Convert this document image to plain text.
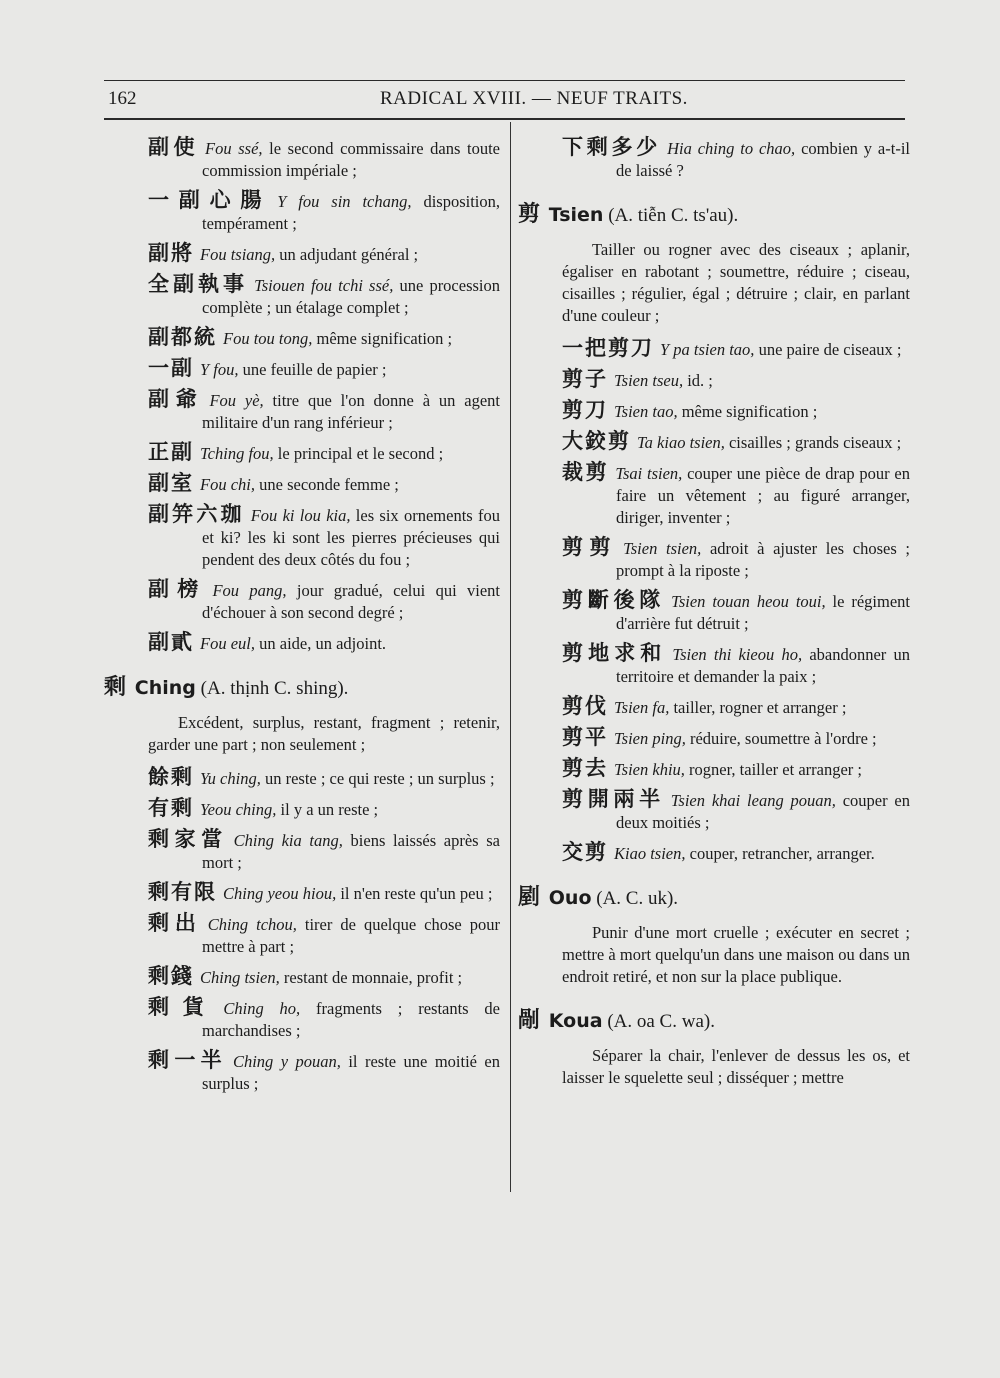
162	RADICAL XVIII. — NEUF TRAITS.
副使 Fou ssé, le second commissaire dans toute commission impériale ;
一副心腸 Y fou sin tchang, disposition, tempérament ;
副將 Fou tsiang, un adjudant général ;
全副執事 Tsiouen fou tchi ssé, une procession complète ; un étalage complet ;
副都統 Fou tou tong, même signification ;
一副 Y fou, une feuille de papier ;
副爺 Fou yè, titre que l'on donne à un agent militaire d'un rang inférieur ;
正副 Tching fou, le principal et le second ;
副室 Fou chi, une seconde femme ;
副笄六珈 Fou ki lou kia, les six ornements fou et ki? les ki sont les pierres précieuses qui pendent des deux côtés du fou ;
副榜 Fou pang, jour gradué, celui qui vient d'échouer à son second degré ;
副貳 Fou eul, un aide, un adjoint.
剩 Ching (A. thịnh C. shing).
Excédent, surplus, restant, fragment ; retenir, garder une part ; non seulement ;
餘剩 Yu ching, un reste ; ce qui reste ; un surplus ;
有剩 Yeou ching, il y a un reste ;
剩家當 Ching kia tang, biens laissés après sa mort ;
剩有限 Ching yeou hiou, il n'en reste qu'un peu ;
剩出 Ching tchou, tirer de quelque chose pour mettre à part ;
剩錢 Ching tsien, restant de monnaie, profit ;
剩貨 Ching ho, fragments ; restants de marchandises ;
剩一半 Ching y pouan, il reste une moitié en surplus ;
下剩多少 Hia ching to chao, combien y a-t-il de laissé ?
剪 Tsien (A. tiễn C. ts'au).
Tailler ou rogner avec des ciseaux ; aplanir, égaliser en rabotant ; soumettre, réduire ; ciseau, cisailles ; régulier, égal ; détruire ; clair, en parlant d'une couleur ;
一把剪刀 Y pa tsien tao, une paire de ciseaux ;
剪子 Tsien tseu, id. ;
剪刀 Tsien tao, même signification ;
大鉸剪 Ta kiao tsien, cisailles ; grands ciseaux ;
裁剪 Tsai tsien, couper une pièce de drap pour en faire un vêtement ; au figuré arranger, diriger, inventer ;
剪剪 Tsien tsien, adroit à ajuster les choses ; prompt à la riposte ;
剪斷後隊 Tsien touan heou toui, le régiment d'arrière fut détruit ;
剪地求和 Tsien thi kieou ho, abandonner un territoire et demander la paix ;
剪伐 Tsien fa, tailler, rogner et arranger ;
剪平 Tsien ping, réduire, soumettre à l'ordre ;
剪去 Tsien khiu, rogner, tailler et arranger ;
剪開兩半 Tsien khai leang pouan, couper en deux moitiés ;
交剪 Kiao tsien, couper, retrancher, arranger.
剭 Ouo (A. C. uk).
Punir d'une mort cruelle ; exécuter en secret ; mettre à mort quelqu'un dans une maison ou dans un endroit retiré, et non sur la place publique.
剮 Koua (A. oa C. wa).
Séparer la chair, l'enlever de dessus les os, et laisser le squelette seul ; disséquer ; mettre
